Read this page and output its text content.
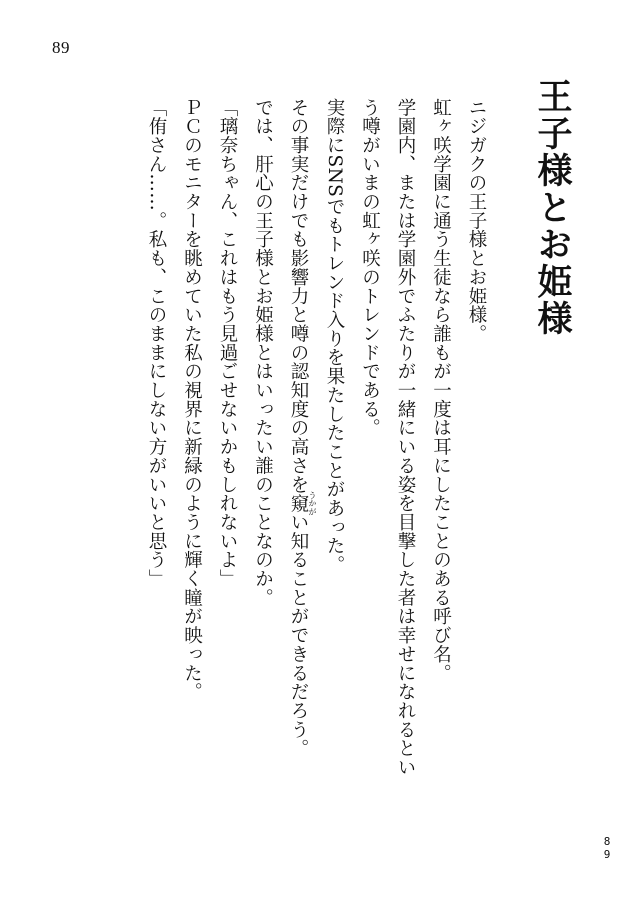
89
89
王子様とお姫様

ニジガクの王子様とお姫様。

虹ヶ咲学園に通う生徒なら誰もが一度は耳にしたことのある呼び名。

学園内、または学園外でふたりが一緒にいる姿を目撃した者は幸せになれるとい

う噂がいまの虹ヶ咲のトレンドである。

実際にSNSでもトレンド入りを果たしたことがあった。

その事実だけでも影響力と噂の認知度の高さを窺 うかがい知ることができるだろう。

では、肝心の王子様とお姫様とはいったい誰のことなのか。

「璃奈ちゃん、これはもう見過ごせないかもしれないよ」

ＰＣのモニターを眺めていた私の視界に新緑のように輝く瞳が映った。

「侑さん……。私も、このままにしない方がいいと思う」
